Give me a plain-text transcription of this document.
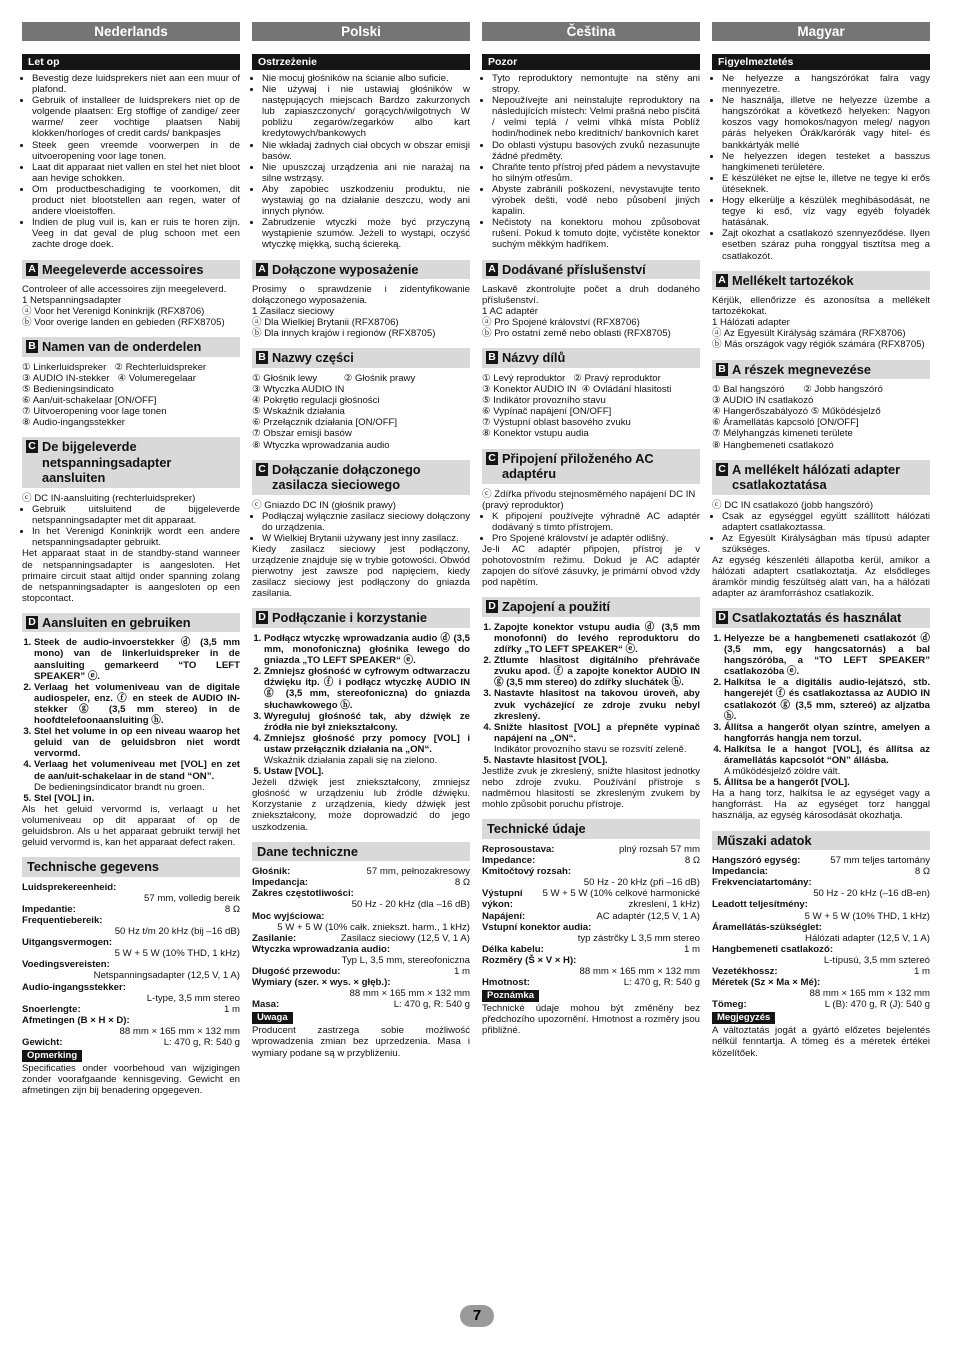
Nederlands
Let op
• Bevestig deze luidsprekers niet aan een muur of plafond.
• Gebruik of installeer de luidsprekers niet op de volgende plaatsen: Erg stoffige of zandige/ zeer warme/ zeer vochtige plaatsen Nabij klokken/horloges of credit cards/ bankpasjes
• Steek geen vreemde voorwerpen in de uitvoeropening voor lage tonen.
• Laat dit apparaat niet vallen en stel het niet bloot aan hevige schokken.
• Om productbeschadiging te voorkomen, dit product niet blootstellen aan regen, water of andere vloeistoffen.
• Indien de plug vuil is, kan er ruis te horen zijn. Veeg in dat geval de plug schoon met een zachte droge doek.
A Meegeleverde accessoires

Controleer of alle accessoires zijn meegeleverd.

1 Netspanningsadapter
ⓐ Voor het Verenigd Koninkrijk (RFX8706)
ⓑ Voor overige landen en gebieden (RFX8705)
B Namen van de onderdelen
① Linkerluidspreker   ② Rechterluidspreker
③ AUDIO IN-stekker   ④ Volumeregelaar
⑤ Bedieningsindicato
⑥ Aan/uit-schakelaar [ON/OFF]
⑦ Uitvoeropening voor lage tonen
⑧ Audio-ingangsstekker
C De bijgeleverde netspanningsadapter aansluiten

ⓒ DC IN-aansluiting (rechterluidspreker)

• Gebruik uitsluitend de bijgeleverde netspanningsadapter met dit apparaat.
• In het Verenigd Koninkrijk wordt een andere netspanningsadapter gebruikt.

Het apparaat staat in de standby-stand wanneer de netspanningsadapter is aangesloten. Het primaire circuit staat altijd onder spanning zolang de netspanningsadapter is aangesloten op een stopcontact.

D Aansluiten en gebruiken
1. Steek de audio-invoerstekker ⓓ (3,5 mm mono) van de linkerluidspreker in de aansluiting gemarkeerd “TO LEFT SPEAKER” ⓔ.
2. Verlaag het volumeniveau van de digitale audiospeler, enz. ⓕ en steek de AUDIO IN-stekker ⓖ (3,5 mm stereo) in de hoofdtelefoonaansluiting ⓗ.
3. Stel het volume in op een niveau waarop het geluid van de geluidsbron niet wordt vervormd.
4. Verlaag het volumeniveau met [VOL] en zet de aan/uit-schakelaar in de stand “ON”.
De bedieningsindicator brandt nu groen.
5. Stel [VOL] in.

Als het geluid vervormd is, verlaagt u het volumeniveau op dit apparaat of op de geluidsbron. Als u het apparaat gebruikt terwijl het geluid vervormd is, kan het apparaat defect raken.

Technische gegevens
Luidsprekereenheid:
57 mm, volledig bereik
Impedantie:	8 Ω
Frequentiebereik:
50 Hz t/m 20 kHz (bij –16 dB)
Uitgangsvermogen:
5 W + 5 W (10% THD, 1 kHz)
Voedingsvereisten:
Netspanningsadapter (12,5 V, 1 A)
Audio-ingangsstekker:
L-type, 3,5 mm stereo
Snoerlengte:	1 m
Afmetingen (B × H × D):
88 mm × 165 mm × 132 mm
Gewicht:	L: 470 g, R: 540 g
Opmerking

Specificaties onder voorbehoud van wijzigingen zonder voorafgaande kennisgeving. Gewicht en afmetingen zijn bij benadering opgegeven.

Polski
Ostrzeżenie
• Nie mocuj głośników na ścianie albo suficie.
• Nie używaj i nie ustawiaj głośników w następujących miejscach Bardzo zakurzonych lub zapiaszczonych/ gorących/wilgotnych W pobliżu zegarów/zegarków albo kart kredytowych/bankowych
• Nie wkładaj żadnych ciał obcych w obszar emisji basów.
• Nie upuszczaj urządzenia ani nie narażaj na silne wstrząsy.
• Aby zapobiec uszkodzeniu produktu, nie wystawiaj go na działanie deszczu, wody ani innych płynów.
• Zabrudzenie wtyczki może być przyczyną wystąpienie szumów. Jeżeli to wystąpi, oczyść wtyczkę miękką, suchą ściereką.
A Dołączone wyposażenie

Prosimy o sprawdzenie i zidentyfikowanie dołączonego wyposażenia.

1 Zasilacz sieciowy
ⓐ Dla Wielkiej Brytanii (RFX8706)
ⓑ Dla innych krajów i regionów (RFX8705)
B Nazwy części
① Głośnik lewy          ② Głośnik prawy
③ Wtyczka AUDIO IN
④ Pokrętło regulacji głośności
⑤ Wskaźnik działania
⑥ Przełącznik działania [ON/OFF]
⑦ Obszar emisji basów
⑧ Wtyczka wprowadzania audio
C Dołączanie dołączonego zasilacza sieciowego

ⓒ Gniazdo DC IN (głośnik prawy)

• Podłączaj wyłącznie zasilacz sieciowy dołączony do urządzenia.
• W Wielkiej Brytanii używany jest inny zasilacz.

Kiedy zasilacz sieciowy jest podłączony, urządzenie znajduje się w trybie gotowości. Obwód pierwotny jest zawsze pod napięciem, kiedy zasilacz sieciowy jest podłączony do gniazda zasilania.

D Podłączanie i korzystanie
1. Podłącz wtyczkę wprowadzania audio ⓓ (3,5 mm, monofoniczna) głośnika lewego do gniazda „TO LEFT SPEAKER“ ⓔ.
2. Zmniejsz głośność w cyfrowym odtwarzaczu dźwięku itp. ⓕ i podłącz wtyczkę AUDIO IN ⓖ (3,5 mm, stereofoniczna) do gniazda słuchawkowego ⓗ.
3. Wyreguluj głośność tak, aby dźwięk ze źródła nie był zniekształcony.
4. Zmniejsz głośność przy pomocy [VOL] i ustaw przełącznik działania na „ON“.
Wskaźnik działania zapali się na zielono.
5. Ustaw [VOL].

Jeżeli dźwięk jest zniekształcony, zmniejsz głośność w urządzeniu lub źródle dźwięku. Korzystanie z urządzenia, kiedy dźwięk jest zniekształcony, może doprowadzić do jego uszkodzenia.

Dane techniczne
Głośnik:	57 mm, pełnozakresowy
Impedancja:	8 Ω
Zakres częstotliwości:
50 Hz - 20 kHz (dla –16 dB)
Moc wyjściowa:
5 W + 5 W (10% całk. zniekszt. harm., 1 kHz)
Zasilanie:	Zasilacz sieciowy (12,5 V, 1 A)
Wtyczka wprowadzania audio:
Typ L, 3,5 mm, stereofoniczna
Długość przewodu:	1 m
Wymiary (szer. × wys. × głęb.):
88 mm × 165 mm × 132 mm
Masa:	L: 470 g, R: 540 g
Uwaga

Producent zastrzega sobie możliwość wprowadzenia zmian bez uprzedzenia. Masa i wymiary podane są w przybliżeniu.

Čeština
Pozor
• Tyto reproduktory nemontujte na stěny ani stropy.
• Nepoužívejte ani neinstalujte reproduktory na následujících místech: Velmi prašná nebo písčitá / velmi teplá / velmi vlhká místa Poblíž hodin/hodinek nebo kreditních/ bankovních karet
• Do oblasti výstupu basových zvuků nezasunujte žádné předměty.
• Chraňte tento přístroj před pádem a nevystavujte ho silným otřesům.
• Abyste zabránili poškození, nevystavujte tento výrobek dešti, vodě nebo působení jiných kapalin.
• Nečistoty na konektoru mohou způsobovat rušení. Pokud k tomuto dojte, vyčistěte konektor suchým měkkým hadříkem.
A Dodávané příslušenství

Laskavě zkontrolujte počet a druh dodaného příslušenství.

1 AC adaptér
ⓐ Pro Spojené království (RFX8706)
ⓑ Pro ostatní země nebo oblasti (RFX8705)
B Názvy dílů
① Levý reproduktor   ② Pravý reproduktor
③ Konektor AUDIO IN  ④ Ovládání hlasitosti
⑤ Indikátor provozního stavu
⑥ Vypínač napájení [ON/OFF]
⑦ Výstupní oblast basového zvuku
⑧ Konektor vstupu audia
C Připojení přiloženého AC adaptéru

ⓒ Zdířka přívodu stejnosměrného napájení DC IN (pravý reproduktor)

• K připojení používejte výhradně AC adaptér dodávaný s tímto přístrojem.
• Pro Spojené království je adaptér odlišný.

Je-li AC adaptér připojen, přístroj je v pohotovostním režimu. Dokud je AC adaptér zapojen do síťové zásuvky, je primární obvod vždy pod napětím.

D Zapojení a použití
1. Zapojte konektor vstupu audia ⓓ (3,5 mm monofonní) do levého reproduktoru do zdířky „TO LEFT SPEAKER“ ⓔ.
2. Ztlumte hlasitost digitálního přehrávače zvuku apod. ⓕ a zapojte konektor AUDIO IN ⓖ (3,5 mm stereo) do zdířky sluchátek ⓗ.
3. Nastavte hlasitost na takovou úroveň, aby zvuk vycházející ze zdroje zvuku nebyl zkreslený.
4. Snižte hlasitost [VOL] a přepněte vypínač napájení na „ON“.
Indikátor provozního stavu se rozsvítí zeleně.
5. Nastavte hlasitost [VOL].

Jestliže zvuk je zkreslený, snižte hlasitost jednotky nebo zdroje zvuku. Používání přístroje s nadměrnou hlasitostí se zkresleným zvukem by mohlo způsobit poruchu přístroje.

Technické údaje
Reprosoustava:	plný rozsah 57 mm
Impedance:	8 Ω
Kmitočtový rozsah:
50 Hz - 20 kHz (při –16 dB)
Výstupní výkon:
5 W + 5 W (10% celkové harmonické zkreslení, 1 kHz)
Napájení:	AC adaptér (12,5 V, 1 A)
Vstupní konektor audia:
typ zástrčky L 3,5 mm stereo
Délka kabelu:	1 m
Rozměry (Š × V × H):
88 mm × 165 mm × 132 mm
Hmotnost:	L: 470 g, R: 540 g
Poznámka

Technické údaje mohou být změněny bez předchozího upozornění. Hmotnost a rozměry jsou přibližné.

Magyar
Figyelmeztetés
• Ne helyezze a hangszórókat falra vagy mennyezetre.
• Ne használja, illetve ne helyezze üzembe a hangszórókat a következő helyeken: Nagyon koszos vagy homokos/nagyon meleg/ nagyon párás helyeken Órák/karórák vagy hitel- és bankkártyák mellé
• Ne helyezzen idegen testeket a basszus hangkimeneti területére.
• E készüléket ne ejtse le, illetve ne tegye ki erős ütéseknek.
• Hogy elkerülje a készülék meghibásodását, ne tegye ki eső, víz vagy egyéb folyadék hatásának.
• Zajt okozhat a csatlakozó szennyeződése. Ilyen esetben száraz puha ronggyal tisztítsa meg a csatlakozót.
A Mellékelt tartozékok

Kérjük, ellenőrizze és azonosítsa a mellékelt tartozékokat.

1 Hálózati adapter
ⓐ Az Egyesült Királyság számára (RFX8706)
ⓑ Más országok vagy régiók számára (RFX8705)
B A részek megnevezése
① Bal hangszóró       ② Jobb hangszóró
③ AUDIO IN csatlakozó
④ Hangerőszabályozó ⑤ Működésjelző
⑥ Áramellátás kapcsoló [ON/OFF]
⑦ Mélyhangzás kimeneti területe
⑧ Hangbemeneti csatlakozó
C A mellékelt hálózati adapter csatlakoztatása

ⓒ DC IN csatlakozó (jobb hangszóró)

• Csak az egységgel együtt szállított hálózati adaptert csatlakoztassa.
• Az Egyesült Királyságban más típusú adapter szükséges.

Az egység készenléti állapotba kerül, amikor a hálózati adaptert csatlakoztatja. Az elsődleges áramkör mindig feszültség alatt van, ha a hálózati adapter az áramforráshoz csatlakozik.

D Csatlakoztatás és használat
1. Helyezze be a hangbemeneti csatlakozót ⓓ (3,5 mm, egy hangcsatornás) a bal hangszóróba, a “TO LEFT SPEAKER” csatlakozóba ⓔ.
2. Halkítsa le a digitális audio-lejátszó, stb. hangerejét ⓕ és csatlakoztassa az AUDIO IN csatlakozót ⓖ (3,5 mm, sztereó) az aljzatba ⓗ.
3. Állítsa a hangerőt olyan szintre, amelyen a hangforrás hangja nem torzul.
4. Halkítsa le a hangot [VOL], és állítsa az áramellátás kapcsolót “ON” állásba.
A működésjelző zöldre vált.
5. Állítsa be a hangerőt [VOL].

Ha a hang torz, halkítsa le az egységet vagy a hangforrást. Ha az egységet torz hanggal használja, az egység károsodását okozhatja.

Műszaki adatok
Hangszóró egység:	57 mm teljes tartomány
Impedancia:	8 Ω
Frekvenciatartomány:
50 Hz - 20 kHz (–16 dB-en)
Leadott teljesítmény:
5 W + 5 W (10% THD, 1 kHz)
Áramellátás-szükséglet:
Hálózati adapter (12,5 V, 1 A)
Hangbemeneti csatlakozó:
L-típusú, 3,5 mm sztereó
Vezetékhossz:	1 m
Méretek (Sz × Ma × Mé):
88 mm × 165 mm × 132 mm
Tömeg:	L (B): 470 g, R (J): 540 g
Megjegyzés

A változtatás jogát a gyártó előzetes bejelentés nélkül fenntartja. A tömeg és a méretek értékei közelítőek.

7
